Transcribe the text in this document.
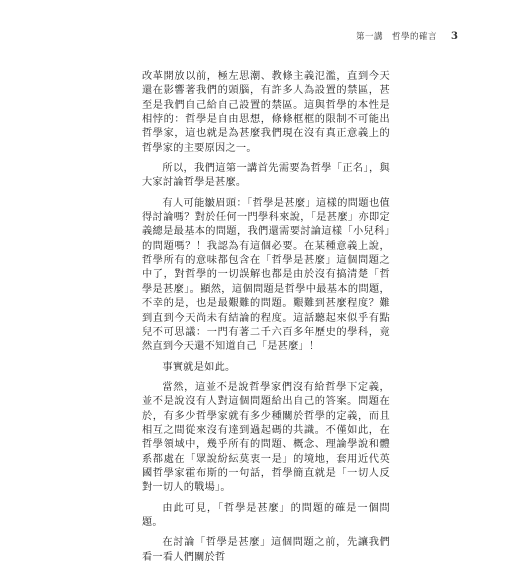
第一講　哲學的確言 3

改革開放以前，極左思潮、教條主義氾濫，直到今天還在影響著我們的頭腦，有許多人為設置的禁區，甚至是我們自己給自己設置的禁區。這與哲學的本性是相悖的：哲學是自由思想，條條框框的限制不可能出哲學家，這也就是為甚麼我們現在沒有真正意義上的哲學家的主要原因之一。

所以，我們這第一講首先需要為哲學「正名」，與大家討論哲學是甚麼。

有人可能皺眉頭：「哲學是甚麼」這樣的問題也值得討論嗎？對於任何一門學科來說，「是甚麼」亦即定義總是最基本的問題，我們還需要討論這樣「小兒科」的問題嗎？！我認為有這個必要。在某種意義上說，哲學所有的意味都包含在「哲學是甚麼」這個問題之中了，對哲學的一切誤解也都是由於沒有搞清楚「哲學是甚麼」。顯然，這個問題是哲學中最基本的問題，不幸的是，也是最艱難的問題。艱難到甚麼程度？難到直到今天尚未有結論的程度。這話聽起來似乎有點兒不可思議：一門有著二千六百多年歷史的學科，竟然直到今天還不知道自己「是甚麼」！

事實就是如此。

當然，這並不是說哲學家們沒有給哲學下定義，並不是說沒有人對這個問題給出自己的答案。問題在於，有多少哲學家就有多少種關於哲學的定義，而且相互之間從來沒有達到過起碼的共識。不僅如此，在哲學領域中，幾乎所有的問題、概念、理論學說和體系都處在「眾說紛紜莫衷一是」的境地，套用近代英國哲學家霍布斯的一句話，哲學簡直就是「一切人反對一切人的戰場」。

由此可見，「哲學是甚麼」的問題的確是一個問題。

在討論「哲學是甚麼」這個問題之前，先讓我們看一看人們關於哲
